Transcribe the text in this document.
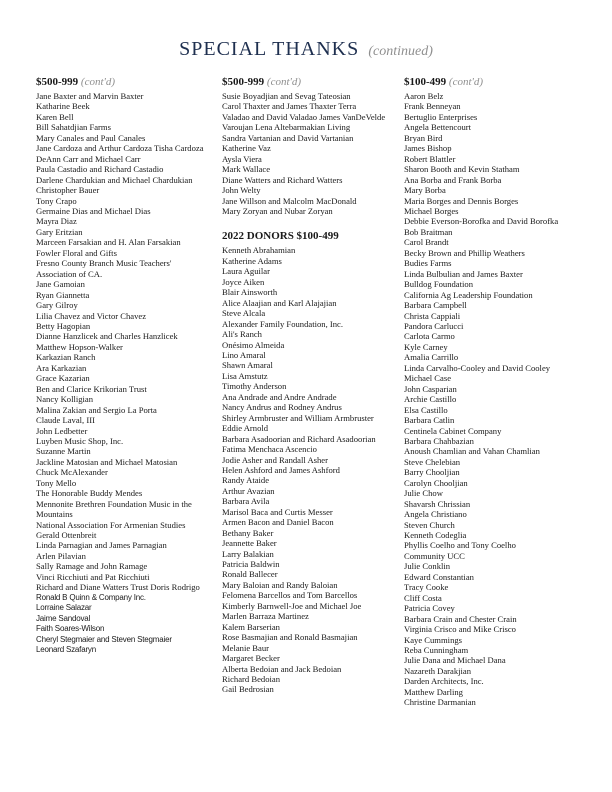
SPECIAL THANKS (continued)
$500-999 (cont'd)
Jane Baxter and Marvin Baxter
Katharine Beek
Karen Bell
Bill Sahatdjian Farms
Mary Canales and Paul Canales
Jane Cardoza and Arthur Cardoza Tisha Cardoza
DeAnn Carr and Michael Carr
Paula Castadio and Richard Castadio
Darlene Chardukian and Michael Chardukian
Christopher Bauer
Tony Crapo
Germaine Dias and Michael Dias
Mayra Diaz
Gary Eritzian
Marceen Farsakian and H. Alan Farsakian
Fowler Floral and Gifts
Fresno County Branch Music Teachers' Association of CA.
Jane Gamoian
Ryan Giannetta
Gary Gilroy
Lilia Chavez and Victor Chavez
Betty Hagopian
Dianne Hanzlicek and Charles Hanzlicek
Matthew Hopson-Walker
Karkazian Ranch
Ara Karkazian
Grace Kazarian
Ben and Clarice Krikorian Trust
Nancy Kolligian
Malina Zakian and Sergio La Porta
Claude Laval, III
John Ledbetter
Luyben Music Shop, Inc.
Suzanne Martin
Jackline Matosian and Michael Matosian
Chuck McAlexander
Tony Mello
The Honorable Buddy Mendes
Mennonite Brethren Foundation Music in the Mountains
National Association For Armenian Studies
Gerald Ottenbreit
Linda Parnagian and James Parnagian
Arlen Pilavian
Sally Ramage and John Ramage
Vinci Ricchiuti and Pat Ricchiuti
Richard and Diane Watters Trust Doris Rodrigo
Ronald B Quinn & Company Inc.
Lorraine Salazar
Jaime Sandoval
Faith Soares-Wilson
Cheryl Stegmaier and Steven Stegmaier
Leonard Szafaryn
$500-999 (cont'd)
Susie Boyadjian and Sevag Tateosian
Carol Thaxter and James Thaxter Terra
Valadao and David Valadao James VanDeVelde
Varoujan Lena Altebarmakian Living
Sandra Vartanian and David Vartanian
Katherine Vaz
Aysla Viera
Mark Wallace
Diane Watters and Richard Watters
John Welty
Jane Willson and Malcolm MacDonald
Mary Zoryan and Nubar Zoryan
2022 DONORS $100-499
Kenneth Abrahamian
Katherine Adams
Laura Aguilar
Joyce Aiken
Blair Ainsworth
Alice Alaajian and Karl Alajajian
Steve Alcala
Alexander Family Foundation, Inc.
Ali's Ranch
Onésimo Almeida
Lino Amaral
Shawn Amaral
Lisa Amstutz
Timothy Anderson
Ana Andrade and Andre Andrade
Nancy Andrus and Rodney Andrus
Shirley Armbruster and William Armbruster
Eddie Arnold
Barbara Asadoorian and Richard Asadoorian
Fatima Menchaca Ascencio
Jodie Asher and Randall Asher
Helen Ashford and James Ashford
Randy Ataide
Arthur Avazian
Barbara Avila
Marisol Baca and Curtis Messer
Armen Bacon and Daniel Bacon
Bethany Baker
Jeannette Baker
Larry Balakian
Patricia Baldwin
Ronald Ballecer
Mary Baloian and Randy Baloian
Felomena Barcellos and Tom Barcellos
Kimberly Barnwell-Joe and Michael Joe
Marlen Barraza Martinez
Kalem Barserian
Rose Basmajian and Ronald Basmajian
Melanie Baur
Margaret Becker
Alberta Bedoian and Jack Bedoian
Richard Bedoian
Gail Bedrosian
$100-499 (cont'd)
Aaron Belz
Frank Benneyan
Bertuglio Enterprises
Angela Bettencourt
Bryan Bird
James Bishop
Robert Blattler
Sharon Booth and Kevin Statham
Ana Borba and Frank Borba
Mary Borba
Maria Borges and Dennis Borges
Michael Borges
Debbie Everson-Borofka and David Borofka
Bob Braitman
Carol Brandt
Becky Brown and Phillip Weathers
Budies Farms
Linda Bulbulian and James Baxter
Bulldog Foundation
California Ag Leadership Foundation
Barbara Campbell
Christa Cappiali
Pandora Carlucci
Carlota Carmo
Kyle Carney
Amalia Carrillo
Linda Carvalho-Cooley and David Cooley
Michael Case
John Casparian
Archie Castillo
Elsa Castillo
Barbara Catlin
Centinela Cabinet Company
Barbara Chahbazian
Anoush Chamlian and Vahan Chamlian
Steve Chelebian
Barry Chooljian
Carolyn Chooljian
Julie Chow
Shavarsh Chrissian
Angela Christiano
Steven Church
Kenneth Codeglia
Phyllis Coelho and Tony Coelho
Community UCC
Julie Conklin
Edward Constantian
Tracy Cooke
Cliff Costa
Patricia Covey
Barbara Crain and Chester Crain
Virginia Crisco and Mike Crisco
Kaye Cummings
Reba Cunningham
Julie Dana and Michael Dana
Nazareth Darakjian
Darden Architects, Inc.
Matthew Darling
Christine Darmanian
